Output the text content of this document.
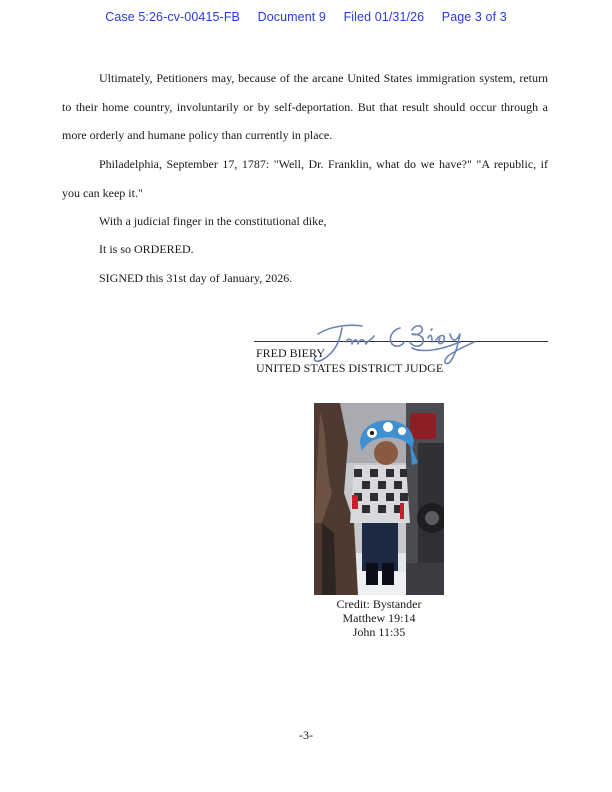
Case 5:26-cv-00415-FB Document 9 Filed 01/31/26 Page 3 of 3

Ultimately, Petitioners may, because of the arcane United States immigration system, return to their home country, involuntarily or by self-deportation. But that result should occur through a more orderly and humane policy than currently in place.

Philadelphia, September 17, 1787: "Well, Dr. Franklin, what do we have?" "A republic, if you can keep it."

With a judicial finger in the constitutional dike,

It is so ORDERED.

SIGNED this 31st day of January, 2026.

FRED BIERY
UNITED STATES DISTRICT JUDGE
Credit: Bystander
Matthew 19:14
John 11:35
-3-
